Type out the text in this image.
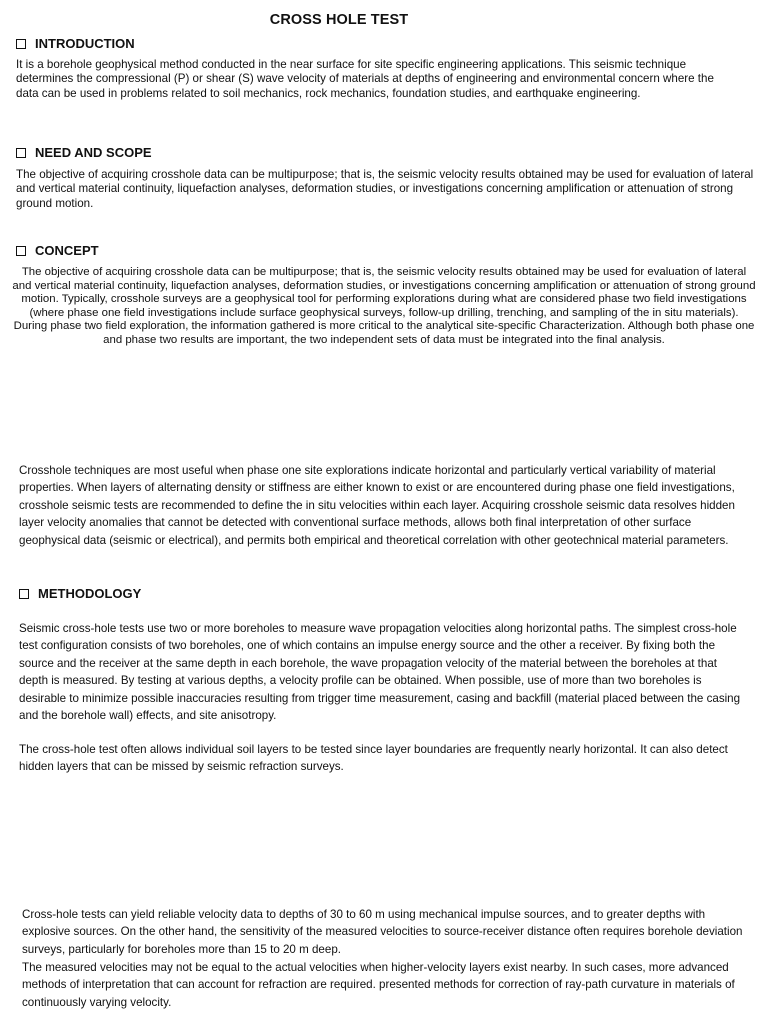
CROSS HOLE TEST
INTRODUCTION

It is a borehole geophysical method conducted in the near surface for site specific engineering applications. This seismic technique determines the compressional (P) or shear (S) wave velocity of materials at depths of engineering and environmental concern where the data can be used in problems related to soil mechanics, rock mechanics, foundation studies, and earthquake engineering.

NEED AND SCOPE

The objective of acquiring crosshole data can be multipurpose; that is, the seismic velocity results obtained may be used for evaluation of lateral and vertical material continuity, liquefaction analyses, deformation studies, or investigations concerning amplification or attenuation of strong ground motion.

CONCEPT

The objective of acquiring crosshole data can be multipurpose; that is, the seismic velocity results obtained may be used for evaluation of lateral and vertical material continuity, liquefaction analyses, deformation studies, or investigations concerning amplification or attenuation of strong ground motion. Typically, crosshole surveys are a geophysical tool for performing explorations during what are considered phase two field investigations (where phase one field investigations include surface geophysical surveys, follow-up drilling, trenching, and sampling of the in situ materials). During phase two field exploration, the information gathered is more critical to the analytical site-specific Characterization. Although both phase one and phase two results are important, the two independent sets of data must be integrated into the final analysis.

Crosshole techniques are most useful when phase one site explorations indicate horizontal and particularly vertical variability of material properties. When layers of alternating density or stiffness are either known to exist or are encountered during phase one field investigations, crosshole seismic tests are recommended to define the in situ velocities within each layer. Acquiring crosshole seismic data resolves hidden layer velocity anomalies that cannot be detected with conventional surface methods, allows both final interpretation of other surface geophysical data (seismic or electrical), and permits both empirical and theoretical correlation with other geotechnical material parameters.

METHODOLOGY

Seismic cross-hole tests use two or more boreholes to measure wave propagation velocities along horizontal paths. The simplest cross-hole test configuration consists of two boreholes, one of which contains an impulse energy source and the other a receiver. By fixing both the source and the receiver at the same depth in each borehole, the wave propagation velocity of the material between the boreholes at that depth is measured. By testing at various depths, a velocity profile can be obtained. When possible, use of more than two boreholes is desirable to minimize possible inaccuracies resulting from trigger time measurement, casing and backfill (material placed between the casing and the borehole wall) effects, and site anisotropy.

The cross-hole test often allows individual soil layers to be tested since layer boundaries are frequently nearly horizontal. It can also detect hidden layers that can be missed by seismic refraction surveys.

Cross-hole tests can yield reliable velocity data to depths of 30 to 60 m using mechanical impulse sources, and to greater depths with explosive sources. On the other hand, the sensitivity of the measured velocities to source-receiver distance often requires borehole deviation surveys, particularly for boreholes more than 15 to 20 m deep.

The measured velocities may not be equal to the actual velocities when higher-velocity layers exist nearby. In such cases, more advanced methods of interpretation that can account for refraction are required. presented methods for correction of ray-path curvature in materials of continuously varying velocity.
